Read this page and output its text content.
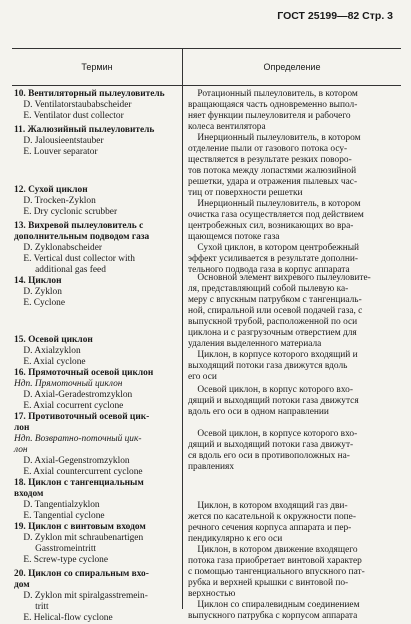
ГОСТ 25199—82 Стр. 3
Термин	Определение
10. Вентиляторный пылеуловитель
D. Ventilatorstaubabscheider
E. Ventilator dust collector
11. Жалюзийный пылеуловитель
D. Jalousieentstauber
E. Louver separator
12. Сухой циклон
D. Trocken-Zyklon
E. Dry cyclonic scrubber
13. Вихревой пылеуловитель с
дополнительным подводом газа
D. Zyklonabscheider
E. Vertical dust collector with
additional gas feed
14. Циклон
D. Zyklon
E. Cyclone
15. Осевой циклон
D. Axialzyklon
E. Axial cyclone
16. Прямоточный осевой циклон
Ндп. Прямоточный циклон
D. Axial-Geradestromzyklon
E. Axial cocurrent cyclone
17. Противоточный осевой цик-
лон
Ндп. Возвратно-поточный цик-
лон
D. Axial-Gegenstromzyklon
E. Axial countercurrent cyclone
18. Циклон с тангенциальным
входом
D. Tangentialzyklon
E. Tangential cyclone
19. Циклон с винтовым входом
D. Zyklon mit schraubenartigen
Gasstromeintritt
E. Screw-type cyclone
20. Циклон со спиральным вхо-
дом
D. Zyklon mit spiralgasstremein-
tritt
E. Helical-flow cyclone
Ротационный пылеуловитель, в котором
вращающаяся часть одновременно выпол-
няет функции пылеуловителя и рабочего
колеса вентилятора
Инерционный пылеуловитель, в котором
отделение пыли от газового потока осу-
ществляется в результате резких поворо-
тов потока между лопастями жалюзийной
решетки, удара и отражения пылевых час-
тиц от поверхности решетки
Инерционный пылеуловитель, в котором
очистка газа осуществляется под действием
центробежных сил, возникающих во вра-
щающемся потоке газа
Сухой циклон, в котором центробежный
эффект усиливается в результате дополни-
тельного подвода газа в корпус аппарата
Основной элемент вихревого пылеуловите-
ля, представляющий собой пылевую ка-
меру с впускным патрубком с тангенциаль-
ной, спиральной или осевой подачей газа, с
выпускной трубой, расположенной по оси
циклона и с разгрузочным отверстием для
удаления выделенного материала
Циклон, в корпусе которого входящий и
выходящий потоки газа движутся вдоль
его оси
Осевой циклон, в корпус которого вхо-
дящий и выходящий потоки газа движутся
вдоль его оси в одном направлении
Осевой циклон, в корпусе которого вхо-
дящий и выходящий потоки газа движут-
ся вдоль его оси в противоположных на-
правлениях
Циклон, в котором входящий газ дви-
жется по касательной к окружности попе-
речного сечения корпуса аппарата и пер-
пендикулярно к его оси
Циклон, в котором движение входящего
потока газа приобретает винтовой характер
с помощью тангенциального впускного пат-
рубка и верхней крышки с винтовой по-
верхностью
Циклон со спиралевидным соединением
выпускного патрубка с корпусом аппарата
